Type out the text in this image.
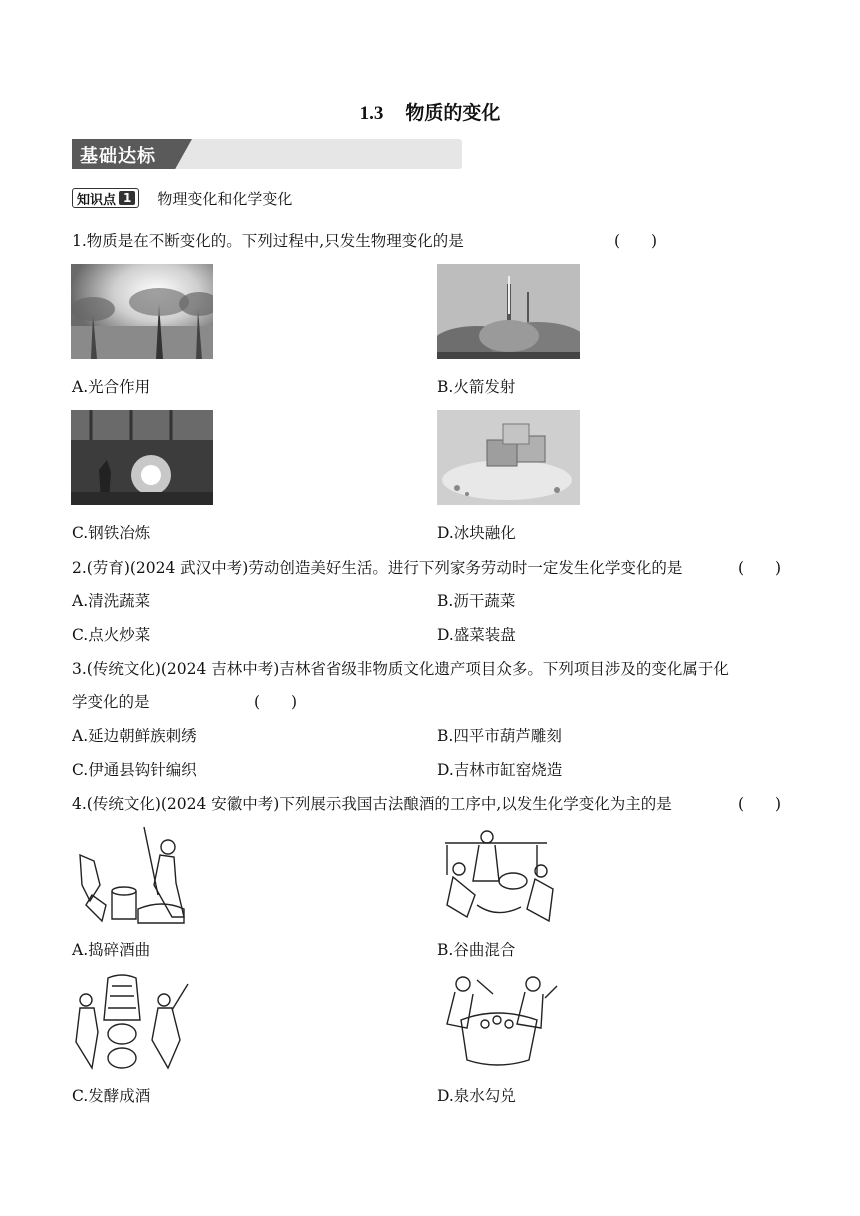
1.3 物质的变化
基础达标
知识点 1 物理变化和化学变化
1.物质是在不断变化的。下列过程中,只发生物理变化的是	(　　)
A.光合作用	B.火箭发射
C.钢铁冶炼	D.冰块融化
2.(劳育)(2024 武汉中考)劳动创造美好生活。进行下列家务劳动时一定发生化学变化的是	(　　)
A.清洗蔬菜	B.沥干蔬菜
C.点火炒菜	D.盛菜装盘
3.(传统文化)(2024 吉林中考)吉林省省级非物质文化遗产项目众多。下列项目涉及的变化属于化
学变化的是	(　　)
A.延边朝鲜族刺绣	B.四平市葫芦雕刻
C.伊通县钩针编织	D.吉林市缸窑烧造
4.(传统文化)(2024 安徽中考)下列展示我国古法酿酒的工序中,以发生化学变化为主的是	(　　)
A.捣碎酒曲	B.谷曲混合
C.发酵成酒	D.泉水勾兑
